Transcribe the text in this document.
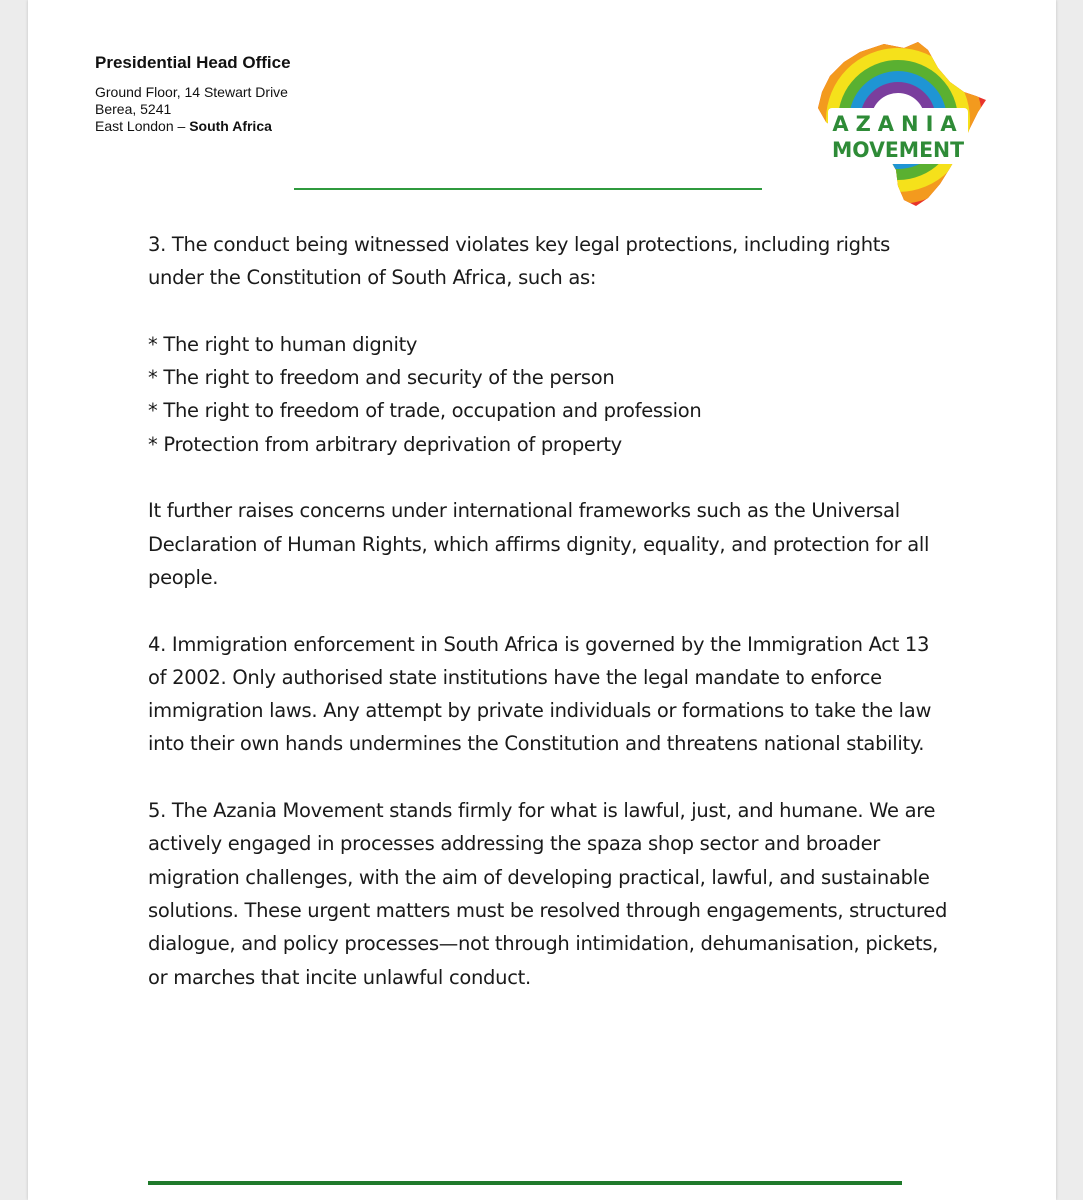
Presidential Head Office
Ground Floor, 14 Stewart Drive
Berea, 5241
East London – South Africa	AZANIA
MOVEMENT

3. The conduct being witnessed violates key legal protections, including rights under the Constitution of South Africa, such as:

* The right to human dignity
* The right to freedom and security of the person
* The right to freedom of trade, occupation and profession
* Protection from arbitrary deprivation of property

It further raises concerns under international frameworks such as the Universal Declaration of Human Rights, which affirms dignity, equality, and protection for all people.

4. Immigration enforcement in South Africa is governed by the Immigration Act 13 of 2002. Only authorised state institutions have the legal mandate to enforce immigration laws. Any attempt by private individuals or formations to take the law into their own hands undermines the Constitution and threatens national stability.

5. The Azania Movement stands firmly for what is lawful, just, and humane. We are actively engaged in processes addressing the spaza shop sector and broader migration challenges, with the aim of developing practical, lawful, and sustainable solutions. These urgent matters must be resolved through engagements, structured dialogue, and policy processes—not through intimidation, dehumanisation, pickets, or marches that incite unlawful conduct.
